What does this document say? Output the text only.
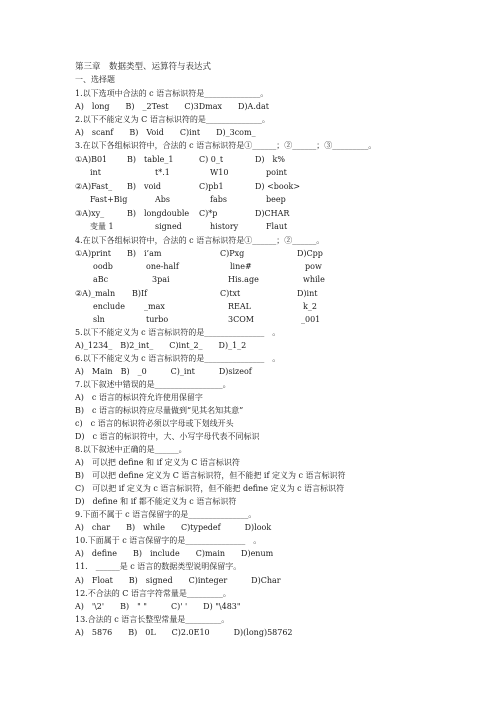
第三章　数据类型、运算符与表达式
一、选择题
1.以下选项中合法的 c 语言标识符是______________。
A)　long　　B)　_2Test　　C)3Dmax　　D)A.dat
2.以下不能定义为 C 语言标识符的是______________。
A)　scanf　　B)　Void　　C)int　　D)_3com_
3.在以下各组标识符中，合法的 c 语言标识符是①______；②______；③_________。
①A)B01 B)　table_1	C) 0_t	D)　k%
int	t*.1	W10	point
②A)Fast_ B)　void	C)pb1	D) <book>
Fast+Big	Abs	fabs	beep
③A)xy_	B)　longdouble C)*p	D)CHAR
变量 1	signed	history	Flaut
4.在以下各组标识符中，合法的 c 语言标识符是①______；②______。
①A)print B)　i’am	C)Pxg	D)Cpp
oodb	one-half	line#	pow
aBc	3pai	His.age	while
②A)_maln B)If	C)txt	D)int
enclude _max	REAL	k_2
sln	turbo	3COM	_001
5.以下不能定义为 c 语言标识符的是_______________　。
A)_1234_　B)2_int_　　C)int_2_　　D)_1_2
6.以下不能定义为 c 语言标识符的是_______________　。
A)　Main　B)　_0　　　C)_int　　　D)sizeof
7.以下叙述中错误的是_________________。
A)　c 语言的标识符允许使用保留字
B)　c 语言的标识符应尽量做到“见其名知其意”
c)　c 语言的标识符必须以字母或下划线开头
D)　c 语言的标识符中，大、小写字母代表不同标识
8.以下叙述中正确的是______。
A)　可以把 define 和 if 定义为 C 语言标识符
B)　可以把 define 定义为 C 语言标识符，但不能把 if 定义为 c 语言标识符
C)　可以把 if 定义为 c 语言标识符，但不能把 define 定义为 c 语言标识符
D)　define 和 if 都不能定义为 c 语言标识符
9.下面不属于 c 语言保留字的是_______________。
A)　char　　B)　while　　C)typedef　　　D)look
10.下面属于 c 语言保留字的是_______________　。
A)　define　　B)　include　　C)main　　D)enum
11.　______是 c 语言的数据类型说明保留字。
A)　Float　　B)　signed　　C)integer　　　D)Char
12.不合法的 C 语言字符常量是_________。
A)　'\2'　　B)　" "　　　C)' '　　D) "\483"
13.合法的 c 语言长整型常量是_________。
A)　5876　　B)　0L　　C)2.0E10　　　D)(long)58762
